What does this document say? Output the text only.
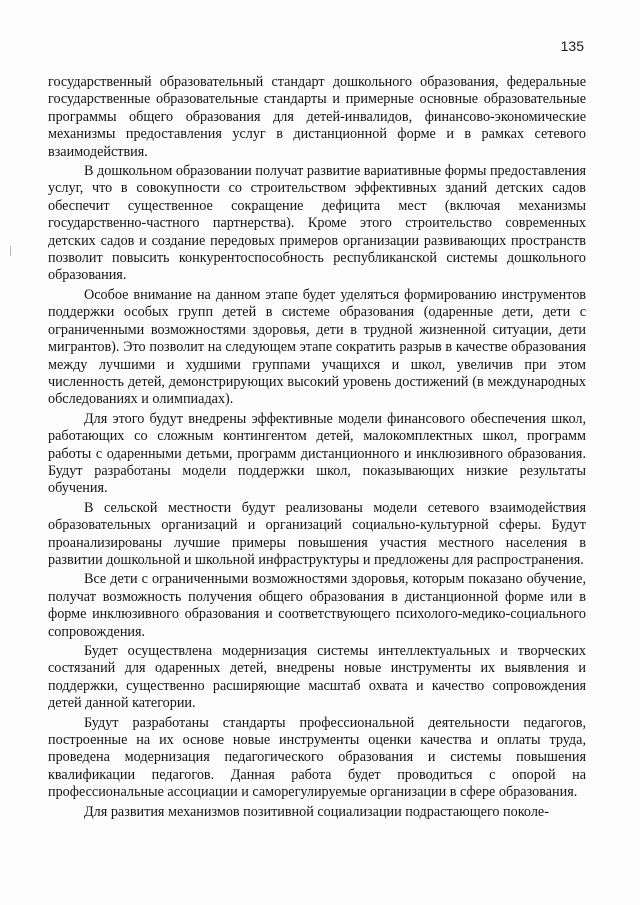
135

государственный образовательный стандарт дошкольного образования, федеральные государственные образовательные стандарты и примерные основные образовательные программы общего образования для детей-инвалидов, финансово-экономические механизмы предоставления услуг в дистанционной форме и в рамках сетевого взаимодействия.

В дошкольном образовании получат развитие вариативные формы предоставления услуг, что в совокупности со строительством эффективных зданий детских садов обеспечит существенное сокращение дефицита мест (включая механизмы государственно-частного партнерства). Кроме этого строительство современных детских садов и создание передовых примеров организации развивающих пространств позволит повысить конкурентоспособность республиканской системы дошкольного образования.

Особое внимание на данном этапе будет уделяться формированию инструментов поддержки особых групп детей в системе образования (одаренные дети, дети с ограниченными возможностями здоровья, дети в трудной жизненной ситуации, дети мигрантов). Это позволит на следующем этапе сократить разрыв в качестве образования между лучшими и худшими группами учащихся и школ, увеличив при этом численность детей, демонстрирующих высокий уровень достижений (в международных обследованиях и олимпиадах).

Для этого будут внедрены эффективные модели финансового обеспечения школ, работающих со сложным контингентом детей, малокомплектных школ, программ работы с одаренными детьми, программ дистанционного и инклюзивного образования. Будут разработаны модели поддержки школ, показывающих низкие результаты обучения.

В сельской местности будут реализованы модели сетевого взаимодействия образовательных организаций и организаций социально-культурной сферы. Будут проанализированы лучшие примеры повышения участия местного населения в развитии дошкольной и школьной инфраструктуры и предложены для распространения.

Все дети с ограниченными возможностями здоровья, которым показано обучение, получат возможность получения общего образования в дистанционной форме или в форме инклюзивного образования и соответствующего психолого-медико-социального сопровождения.

Будет осуществлена модернизация системы интеллектуальных и творческих состязаний для одаренных детей, внедрены новые инструменты их выявления и поддержки, существенно расширяющие масштаб охвата и качество сопровождения детей данной категории.

Будут разработаны стандарты профессиональной деятельности педагогов, построенные на их основе новые инструменты оценки качества и оплаты труда, проведена модернизация педагогического образования и системы повышения квалификации педагогов. Данная работа будет проводиться с опорой на профессиональные ассоциации и саморегулируемые организации в сфере образования.

Для развития механизмов позитивной социализации подрастающего поколе-
